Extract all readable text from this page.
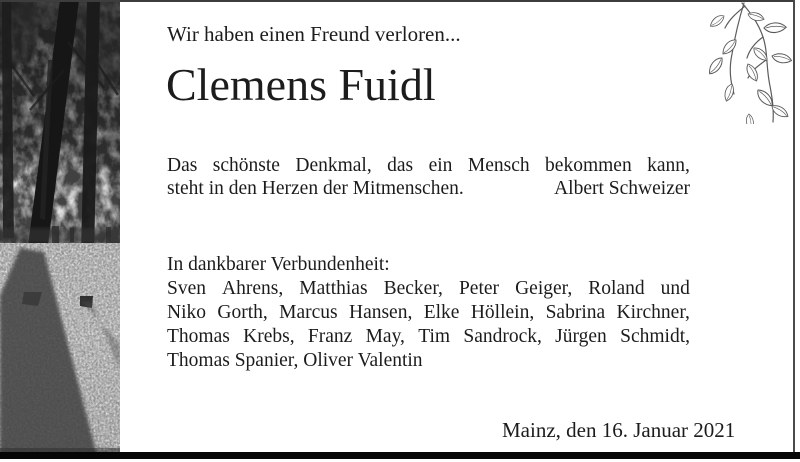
Wir haben einen Freund verloren...
Clemens Fuidl
Das schönste Denkmal, das ein Mensch bekommen kann,
steht in den Herzen der Mitmenschen.	Albert Schweizer
In dankbarer Verbundenheit:
Sven Ahrens, Matthias Becker, Peter Geiger, Roland und
Niko Gorth, Marcus Hansen, Elke Höllein, Sabrina Kirchner,
Thomas Krebs, Franz May, Tim Sandrock, Jürgen Schmidt,
Thomas Spanier, Oliver Valentin
Mainz, den 16. Januar 2021
